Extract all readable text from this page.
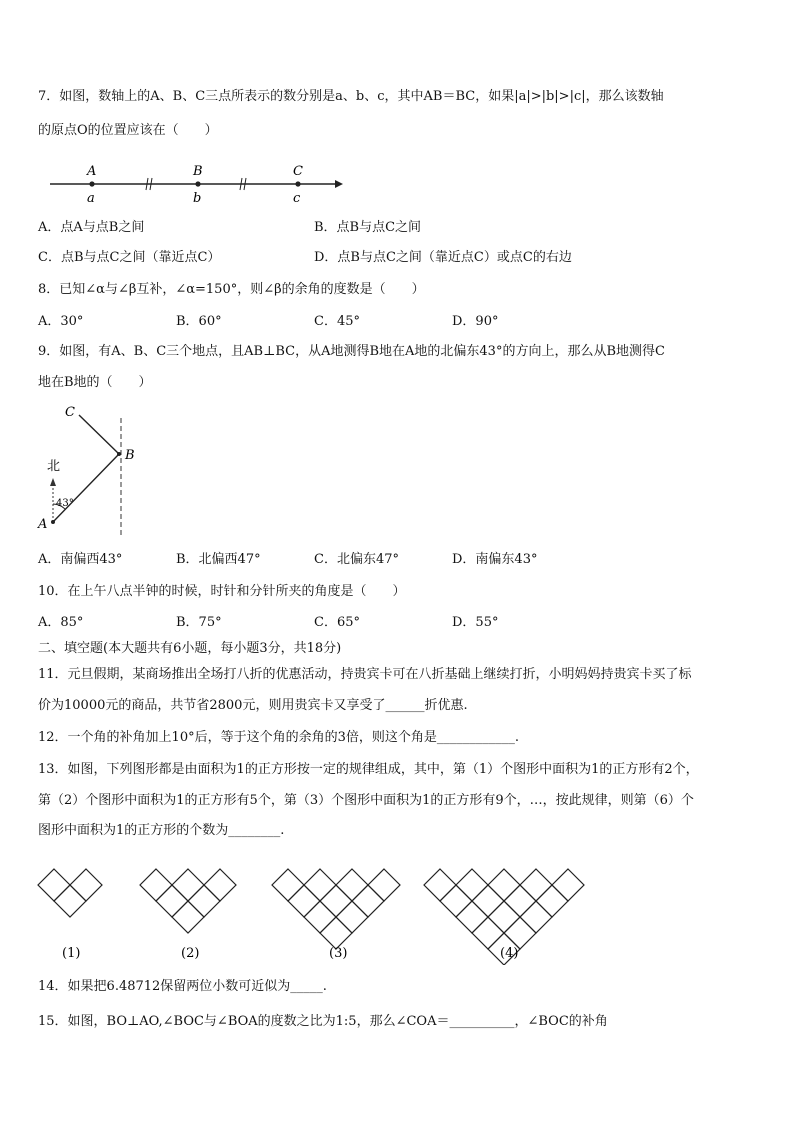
7．如图，数轴上的A、B、C三点所表示的数分别是a、b、c，其中AB＝BC，如果|a|>|b|>|c|，那么该数轴
的原点O的位置应该在（　　）
A
a
B
b
C
c
A．点A与点B之间	B．点B与点C之间
C．点B与点C之间（靠近点C）	D．点B与点C之间（靠近点C）或点C的右边
8．已知∠α与∠β互补，∠α=150°，则∠β的余角的度数是（　　）
A．30°	B．60°	C．45°	D．90°
9．如图，有A、B、C三个地点，且AB⊥BC，从A地测得B地在A地的北偏东43°的方向上，那么从B地测得C
地在B地的（　　）
北
43°
A
B
C
A．南偏西43°	B．北偏西47°	C．北偏东47°	D．南偏东43°
10．在上午八点半钟的时候，时针和分针所夹的角度是（　　）
A．85°	B．75°	C．65°	D．55°
二、填空题(本大题共有6小题，每小题3分，共18分)
11．元旦假期，某商场推出全场打八折的优惠活动，持贵宾卡可在八折基础上继续打折，小明妈妈持贵宾卡买了标
价为10000元的商品，共节省2800元，则用贵宾卡又享受了______折优惠.
12．一个角的补角加上10°后，等于这个角的余角的3倍，则这个角是____________.
13．如图，下列图形都是由面积为1的正方形按一定的规律组成，其中，第（1）个图形中面积为1的正方形有2个，
第（2）个图形中面积为1的正方形有5个，第（3）个图形中面积为1的正方形有9个，…，按此规律，则第（6）个
图形中面积为1的正方形的个数为________.
(1)	(2)	(3)	(4)
14．如果把6.48712保留两位小数可近似为_____.
15．如图，BO⊥AO,∠BOC与∠BOA的度数之比为1:5，那么∠COA＝__________，∠BOC的补角
